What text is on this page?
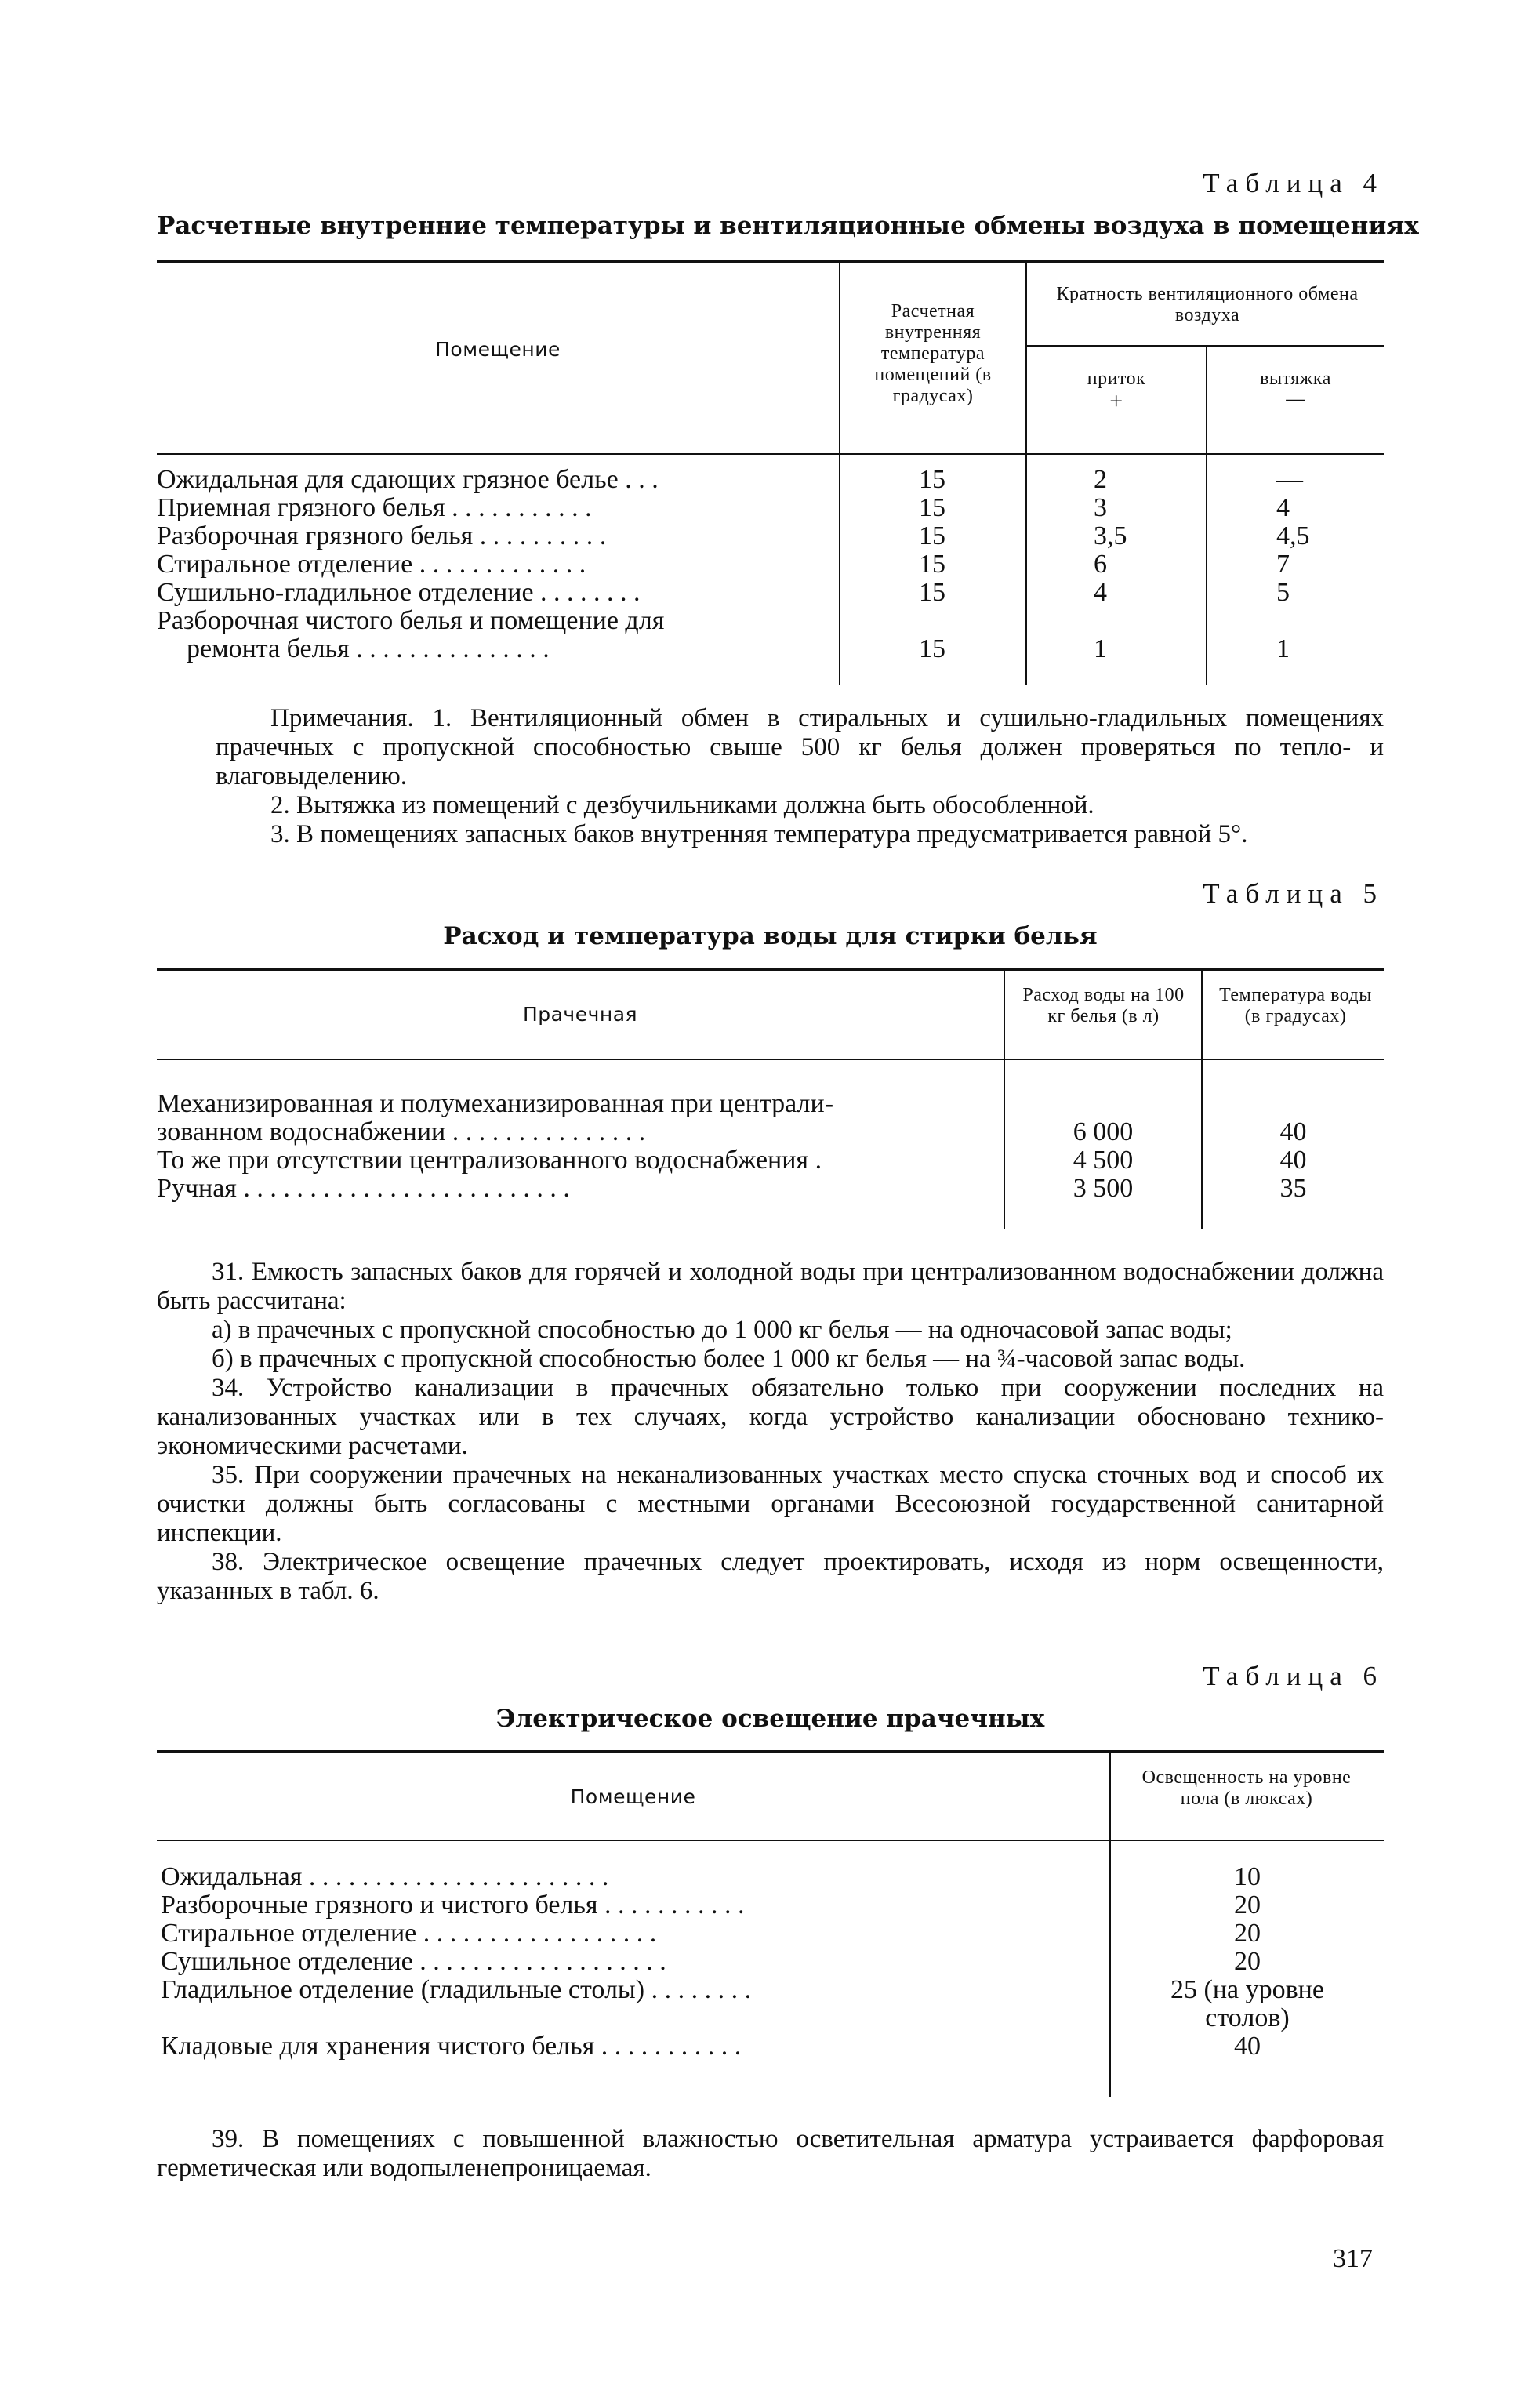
Таблица 4
Расчетные внутренние температуры и вентиляционные обмены воздуха в помещениях
Помещение
Расчетная внутренняя температура помещений (в градусах)
Кратность вентиляционного обмена воздуха
приток
+
вытяжка
—
Ожидальная для сдающих грязное белье . . .	15	2	—
Приемная грязного белья . . . . . . . . . . .	15	3	4
Разборочная грязного белья . . . . . . . . . .	15	3,5	4,5
Стиральное отделение . . . . . . . . . . . . .	15	6	7
Сушильно-гладильное отделение . . . . . . . .	15	4	5
Разборочная чистого белья и помещение для
ремонта белья . . . . . . . . . . . . . . .	15	1	1

Примечания. 1. Вентиляционный обмен в стиральных и сушильно-гладильных помещениях прачечных с пропускной способностью свыше 500 кг белья должен проверяться по тепло- и влаговыделению.

2. Вытяжка из помещений с дезбучильниками должна быть обособленной.

3. В помещениях запасных баков внутренняя температура предусматривается равной 5°.

Таблица 5
Расход и температура воды для стирки белья
Прачечная
Расход воды на 100 кг белья (в л)
Температура воды (в градусах)
Механизированная и полумеханизированная при централи-
зованном водоснабжении . . . . . . . . . . . . . . .	6 000	40
То же при отсутствии централизованного водоснабжения .	4 500	40
Ручная . . . . . . . . . . . . . . . . . . . . . . . . .	3 500	35

31. Емкость запасных баков для горячей и холодной воды при централизованном водоснабжении должна быть рассчитана:

а) в прачечных с пропускной способностью до 1 000 кг белья — на одночасовой запас воды;

б) в прачечных с пропускной способностью более 1 000 кг белья — на ¾-часовой запас воды.

34. Устройство канализации в прачечных обязательно только при сооружении последних на канализованных участках или в тех случаях, когда устройство канализации обосновано технико-экономическими расчетами.

35. При сооружении прачечных на неканализованных участках место спуска сточных вод и способ их очистки должны быть согласованы с местными органами Всесоюзной государственной санитарной инспекции.

38. Электрическое освещение прачечных следует проектировать, исходя из норм освещенности, указанных в табл. 6.

Таблица 6
Электрическое освещение прачечных
Помещение
Освещенность на уровне пола (в люксах)
Ожидальная . . . . . . . . . . . . . . . . . . . . . . .	10
Разборочные грязного и чистого белья . . . . . . . . . . .	20
Стиральное отделение . . . . . . . . . . . . . . . . . .	20
Сушильное отделение . . . . . . . . . . . . . . . . . . .	20
Гладильное отделение (гладильные столы) . . . . . . . .	25 (на уровне
столов)
Кладовые для хранения чистого белья . . . . . . . . . . .	40

39. В помещениях с повышенной влажностью осветительная арматура устраивается фарфоровая герметическая или водопыленепроницаемая.

317
